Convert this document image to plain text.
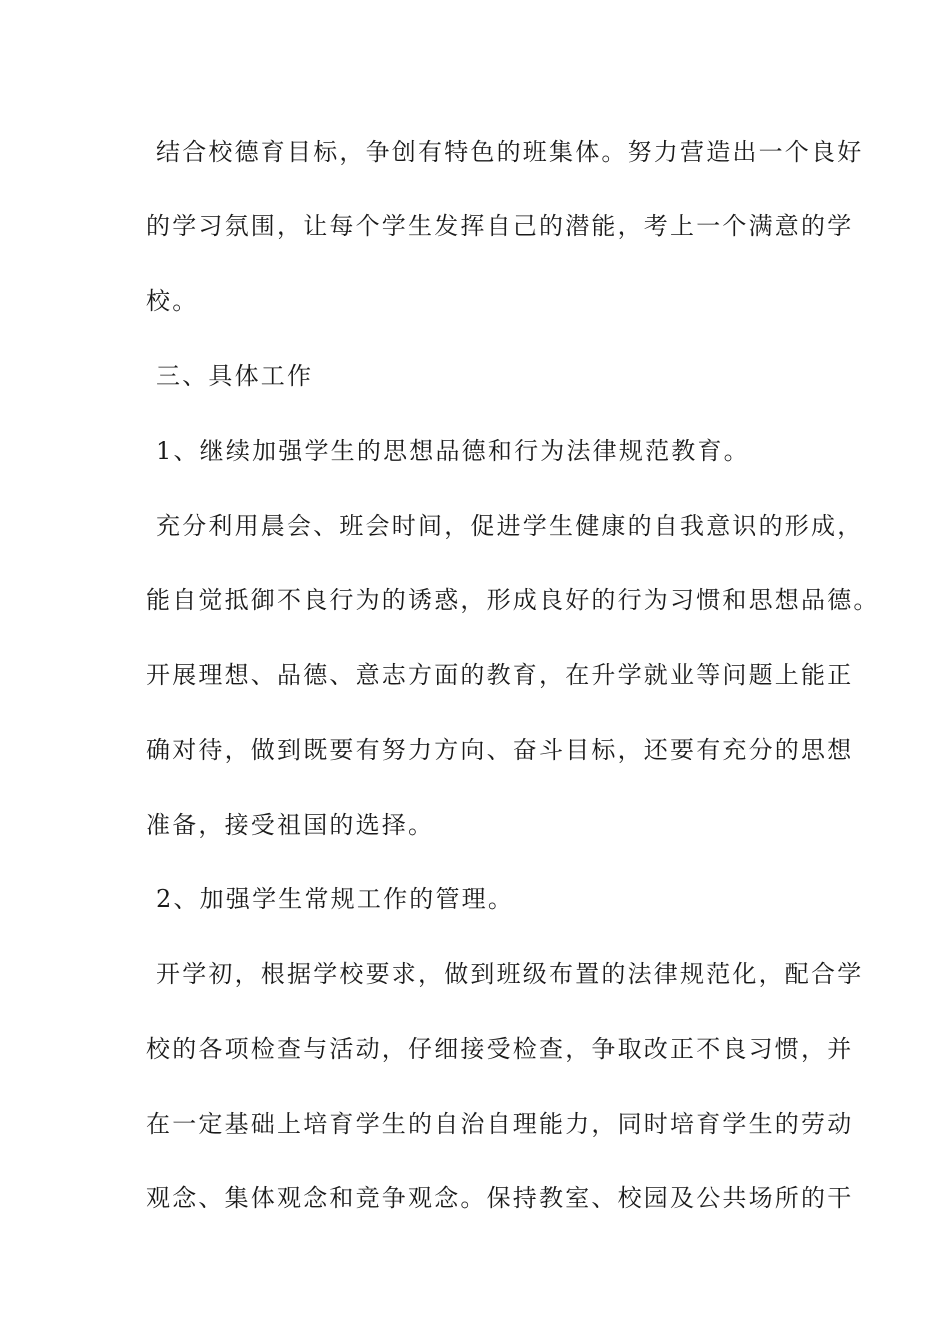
结合校德育目标，争创有特色的班集体。努力营造出一个良好
的学习氛围，让每个学生发挥自己的潜能，考上一个满意的学
校。
三、具体工作
1、继续加强学生的思想品德和行为法律规范教育。
充分利用晨会、班会时间，促进学生健康的自我意识的形成，
能自觉抵御不良行为的诱惑，形成良好的行为习惯和思想品德。
开展理想、品德、意志方面的教育，在升学就业等问题上能正
确对待，做到既要有努力方向、奋斗目标，还要有充分的思想
准备，接受祖国的选择。
2、加强学生常规工作的管理。
开学初，根据学校要求，做到班级布置的法律规范化，配合学
校的各项检查与活动，仔细接受检查，争取改正不良习惯，并
在一定基础上培育学生的自治自理能力，同时培育学生的劳动
观念、集体观念和竞争观念。保持教室、校园及公共场所的干
